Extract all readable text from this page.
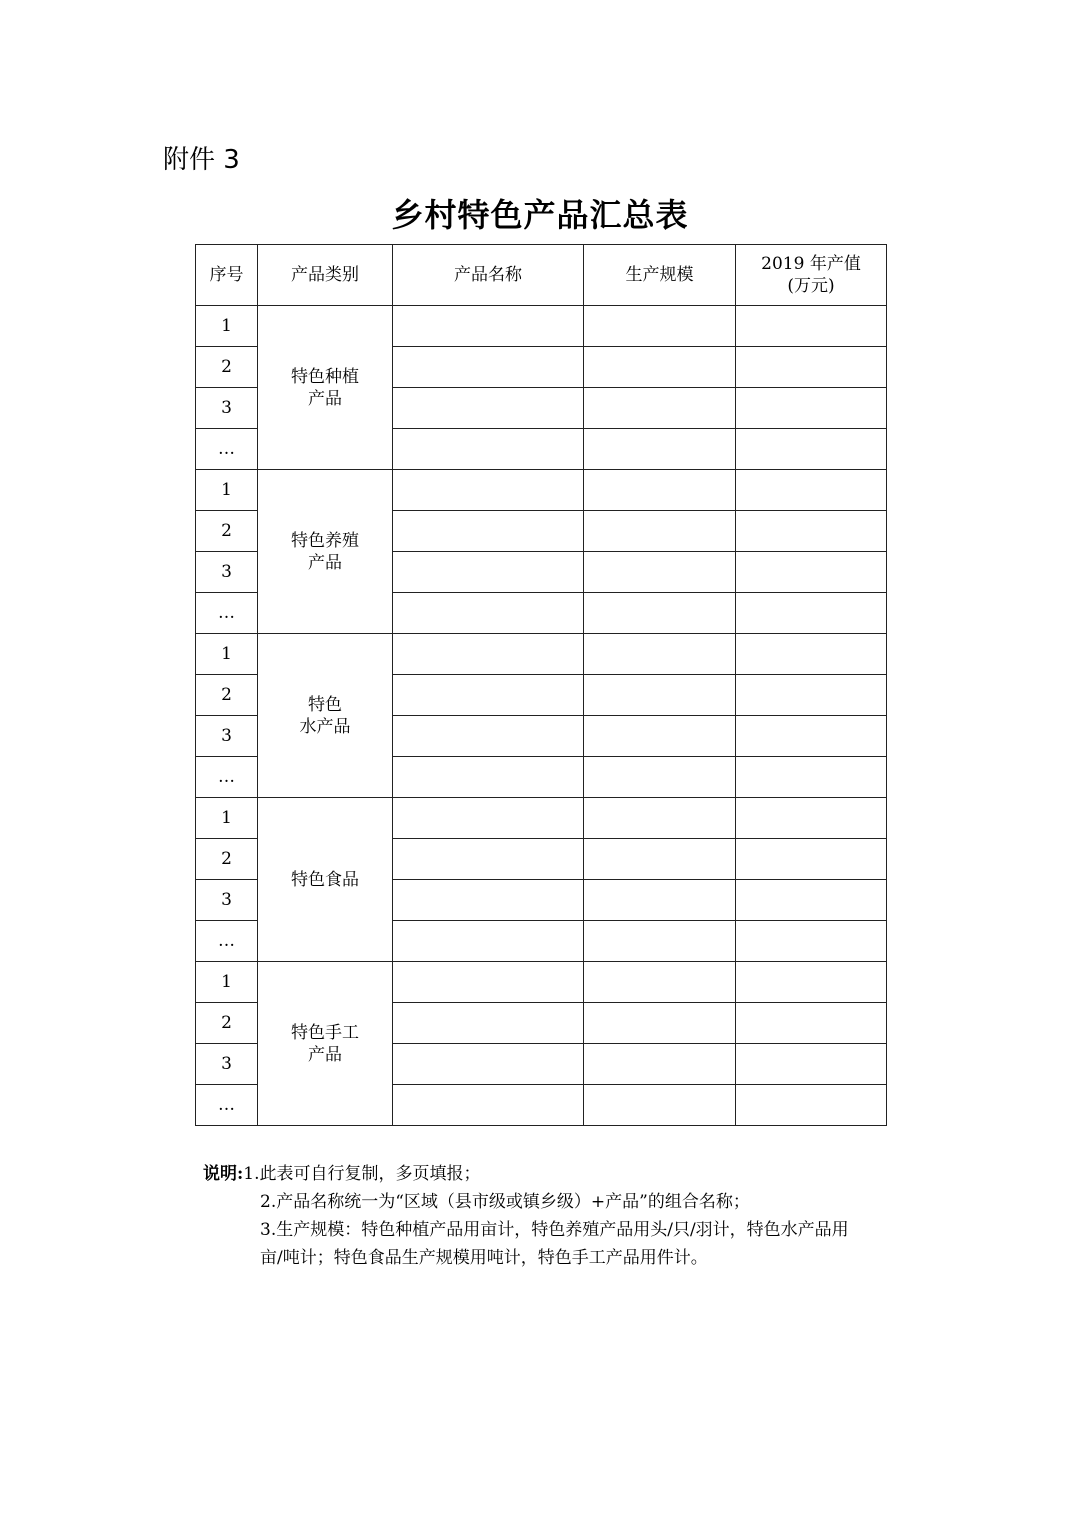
附件 3
乡村特色产品汇总表
序号	产品类别	产品名称	生产规模	2019 年产值
(万元)

1	特色种植
产品			

2				
3				
…				
1	特色养殖
产品			

2				
3				
…				
1	特色
水产品			

2				
3				
…				
1	特色食品			

2				
3				
…				
1	特色手工
产品			

2				
3				
…				
说明:1.此表可自行复制，多页填报；
2.产品名称统一为“区域（县市级或镇乡级）+产品”的组合名称；
3.生产规模：特色种植产品用亩计，特色养殖产品用头/只/羽计，特色水产品用
亩/吨计；特色食品生产规模用吨计，特色手工产品用件计。
